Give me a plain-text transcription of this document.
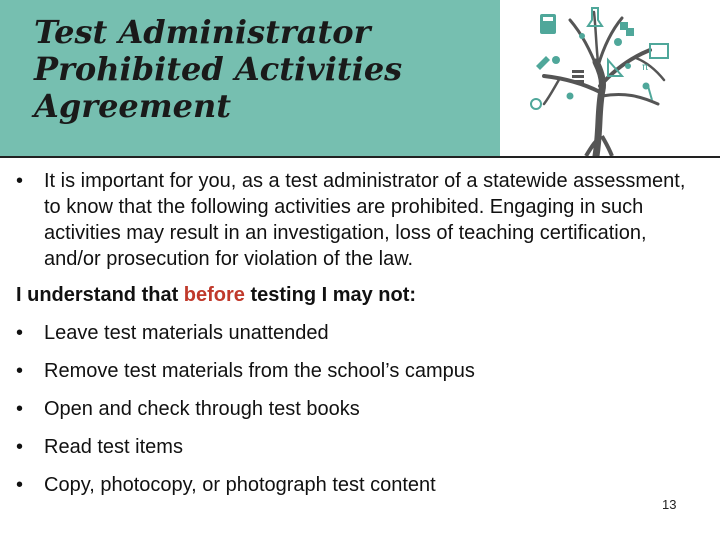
Test Administrator
Prohibited Activities
Agreement
π
• It is important for you, as a test administrator of a statewide assessment, to know that the following activities are prohibited. Engaging in such activities may result in an investigation, loss of teaching certification, and/or prosecution for violation of the law.
I understand that before testing I may not:
• Leave test materials unattended
• Remove test materials from the school’s campus
• Open and check through test books
• Read test items
• Copy, photocopy, or photograph test content
13
